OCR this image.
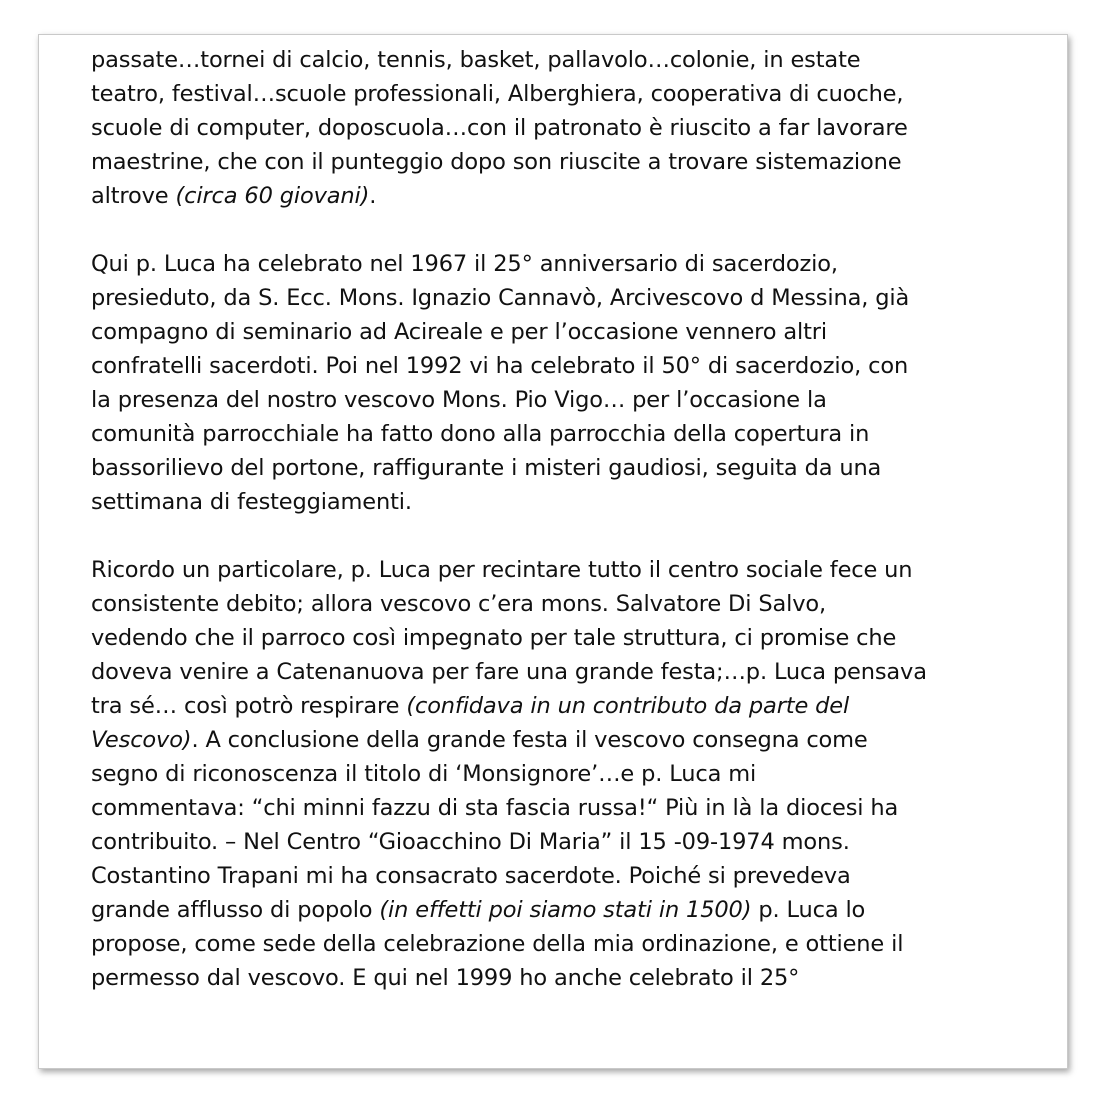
passate…tornei di calcio, tennis, basket, pallavolo…colonie, in estate
teatro, festival…scuole professionali, Alberghiera, cooperativa di cuoche,
scuole di computer, doposcuola…con il patronato è riuscito a far lavorare
maestrine, che con il punteggio dopo son riuscite a trovare sistemazione
altrove (circa 60 giovani).
Qui p. Luca ha celebrato nel 1967 il 25° anniversario di sacerdozio,
presieduto, da S. Ecc. Mons. Ignazio Cannavò, Arcivescovo d Messina, già
compagno di seminario ad Acireale e per l’occasione vennero altri
confratelli sacerdoti. Poi nel 1992 vi ha celebrato il 50° di sacerdozio, con
la presenza del nostro vescovo Mons. Pio Vigo… per l’occasione la
comunità parrocchiale ha fatto dono alla parrocchia della copertura in
bassorilievo del portone, raffigurante i misteri gaudiosi, seguita da una
settimana di festeggiamenti.
Ricordo un particolare, p. Luca per recintare tutto il centro sociale fece un
consistente debito; allora vescovo c’era mons. Salvatore Di Salvo,
vedendo che il parroco così impegnato per tale struttura, ci promise che
doveva venire a Catenanuova per fare una grande festa;…p. Luca pensava
tra sé… così potrò respirare (confidava in un contributo da parte del
Vescovo). A conclusione della grande festa il vescovo consegna come
segno di riconoscenza il titolo di ‘Monsignore’…e p. Luca mi
commentava: “chi minni fazzu di sta fascia russa!“ Più in là la diocesi ha
contribuito. – Nel Centro “Gioacchino Di Maria” il 15 -09-1974 mons.
Costantino Trapani mi ha consacrato sacerdote. Poiché si prevedeva
grande afflusso di popolo (in effetti poi siamo stati in 1500) p. Luca lo
propose, come sede della celebrazione della mia ordinazione, e ottiene il
permesso dal vescovo. E qui nel 1999 ho anche celebrato il 25°
